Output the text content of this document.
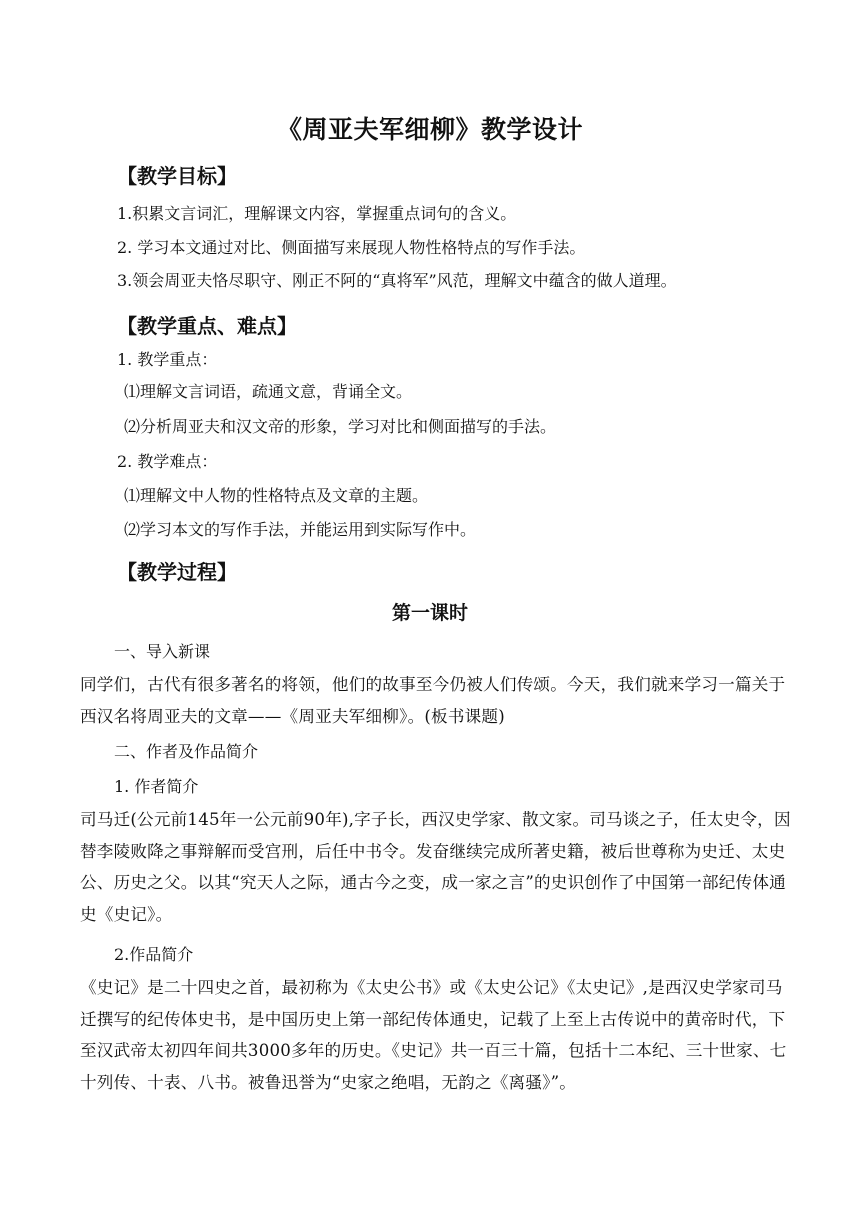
《周亚夫军细柳》教学设计
【教学目标】
1.积累文言词汇，理解课文内容，掌握重点词句的含义。
2. 学习本文通过对比、侧面描写来展现人物性格特点的写作手法。
3.领会周亚夫恪尽职守、刚正不阿的“真将军”风范，理解文中蕴含的做人道理。
【教学重点、难点】
1. 教学重点：
⑴理解文言词语，疏通文意，背诵全文。
⑵分析周亚夫和汉文帝的形象，学习对比和侧面描写的手法。
2. 教学难点：
⑴理解文中人物的性格特点及文章的主题。
⑵学习本文的写作手法，并能运用到实际写作中。
【教学过程】
第一课时
一、导入新课
同学们，古代有很多著名的将领，他们的故事至今仍被人们传颂。今天，我们就来学习一篇关于西汉名将周亚夫的文章——《周亚夫军细柳》。(板书课题)
二、作者及作品简介
1. 作者简介
司马迁(公元前145年一公元前90年),字子长，西汉史学家、散文家。司马谈之子，任太史令，因替李陵败降之事辩解而受宫刑，后任中书令。发奋继续完成所著史籍，被后世尊称为史迁、太史公、历史之父。以其“究天人之际，通古今之变，成一家之言”的史识创作了中国第一部纪传体通史《史记》。
2.作品简介
《史记》是二十四史之首，最初称为《太史公书》或《太史公记》《太史记》,是西汉史学家司马迁撰写的纪传体史书，是中国历史上第一部纪传体通史，记载了上至上古传说中的黄帝时代，下至汉武帝太初四年间共3000多年的历史。《史记》共一百三十篇，包括十二本纪、三十世家、七十列传、十表、八书。被鲁迅誉为“史家之绝唱，无韵之《离骚》”。
